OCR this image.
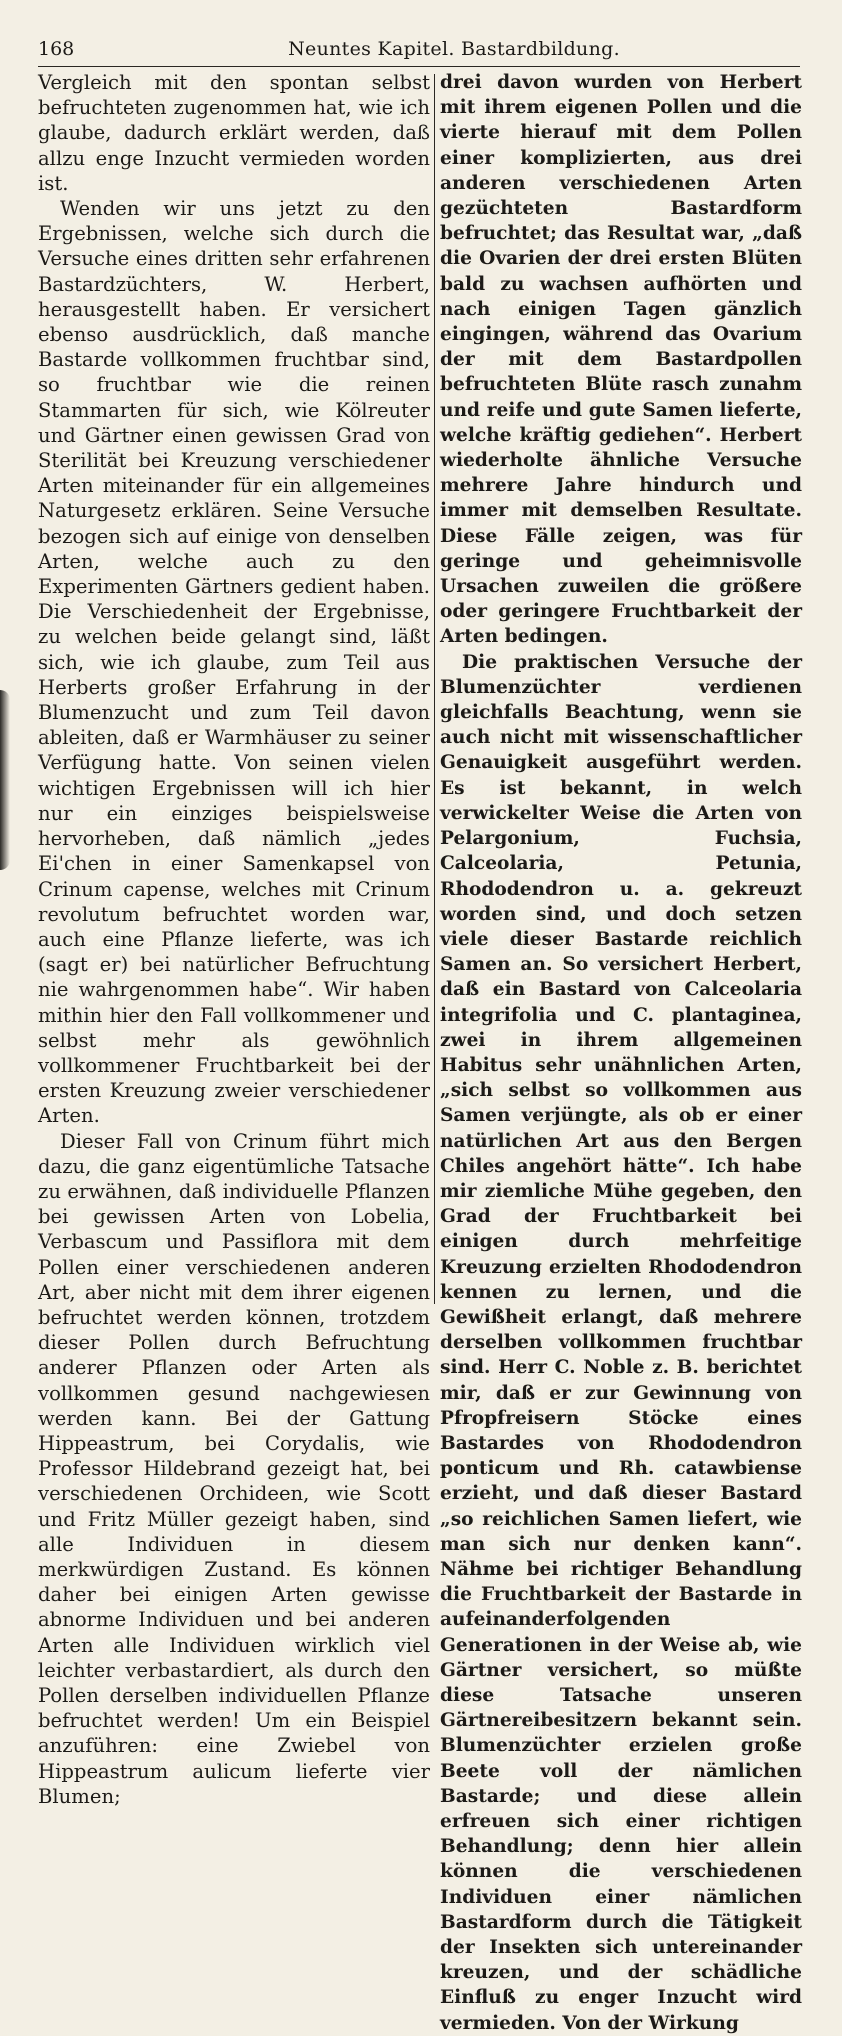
168	Neuntes Kapitel. Bastardbildung.

Vergleich mit den spontan selbst befruchteten zugenommen hat, wie ich glaube, dadurch erklärt werden, daß allzu enge Inzucht vermieden worden ist.

Wenden wir uns jetzt zu den Ergebnissen, welche sich durch die Versuche eines dritten sehr erfahrenen Bastardzüchters, W. Herbert, herausgestellt haben. Er versichert ebenso ausdrücklich, daß manche Bastarde vollkommen fruchtbar sind, so fruchtbar wie die reinen Stammarten für sich, wie Kölreuter und Gärtner einen gewissen Grad von Sterilität bei Kreuzung verschiedener Arten miteinander für ein allgemeines Naturgesetz erklären. Seine Versuche bezogen sich auf einige von denselben Arten, welche auch zu den Experimenten Gärtners gedient haben. Die Verschiedenheit der Ergebnisse, zu welchen beide gelangt sind, läßt sich, wie ich glaube, zum Teil aus Herberts großer Erfahrung in der Blumenzucht und zum Teil davon ableiten, daß er Warmhäuser zu seiner Verfügung hatte. Von seinen vielen wichtigen Ergebnissen will ich hier nur ein einziges beispielsweise hervorheben, daß nämlich „jedes Ei'chen in einer Samenkapsel von Crinum capense, welches mit Crinum revolutum befruchtet worden war, auch eine Pflanze lieferte, was ich (sagt er) bei natürlicher Befruchtung nie wahrgenommen habe“. Wir haben mithin hier den Fall vollkommener und selbst mehr als gewöhnlich vollkommener Fruchtbarkeit bei der ersten Kreuzung zweier verschiedener Arten.

Dieser Fall von Crinum führt mich dazu, die ganz eigentümliche Tatsache zu erwähnen, daß individuelle Pflanzen bei gewissen Arten von Lobelia, Verbascum und Passiflora mit dem Pollen einer verschiedenen anderen Art, aber nicht mit dem ihrer eigenen befruchtet werden können, trotzdem dieser Pollen durch Befruchtung anderer Pflanzen oder Arten als vollkommen gesund nachgewiesen werden kann. Bei der Gattung Hippeastrum, bei Corydalis, wie Professor Hildebrand gezeigt hat, bei verschiedenen Orchideen, wie Scott und Fritz Müller gezeigt haben, sind alle Individuen in diesem merkwürdigen Zustand. Es können daher bei einigen Arten gewisse abnorme Individuen und bei anderen Arten alle Individuen wirklich viel leichter verbastardiert, als durch den Pollen derselben individuellen Pflanze befruchtet werden! Um ein Beispiel anzuführen: eine Zwiebel von Hippeastrum aulicum lieferte vier Blumen;

drei davon wurden von Herbert mit ihrem eigenen Pollen und die vierte hierauf mit dem Pollen einer komplizierten, aus drei anderen verschiedenen Arten gezüchteten Bastardform befruchtet; das Resultat war, „daß die Ovarien der drei ersten Blüten bald zu wachsen aufhörten und nach einigen Tagen gänzlich eingingen, während das Ovarium der mit dem Bastardpollen befruchteten Blüte rasch zunahm und reife und gute Samen lieferte, welche kräftig gediehen“. Herbert wiederholte ähnliche Versuche mehrere Jahre hindurch und immer mit demselben Resultate. Diese Fälle zeigen, was für geringe und geheimnisvolle Ursachen zuweilen die größere oder geringere Fruchtbarkeit der Arten bedingen.

Die praktischen Versuche der Blumenzüchter verdienen gleichfalls Beachtung, wenn sie auch nicht mit wissenschaftlicher Genauigkeit ausgeführt werden. Es ist bekannt, in welch verwickelter Weise die Arten von Pelargonium, Fuchsia, Calceolaria, Petunia, Rhododendron u. a. gekreuzt worden sind, und doch setzen viele dieser Bastarde reichlich Samen an. So versichert Herbert, daß ein Bastard von Calceolaria integrifolia und C. plantaginea, zwei in ihrem allgemeinen Habitus sehr unähnlichen Arten, „sich selbst so vollkommen aus Samen verjüngte, als ob er einer natürlichen Art aus den Bergen Chiles angehört hätte“. Ich habe mir ziemliche Mühe gegeben, den Grad der Fruchtbarkeit bei einigen durch mehrfeitige Kreuzung erzielten Rhododendron kennen zu lernen, und die Gewißheit erlangt, daß mehrere derselben vollkommen fruchtbar sind. Herr C. Noble z. B. berichtet mir, daß er zur Gewinnung von Pfropfreisern Stöcke eines Bastardes von Rhododendron ponticum und Rh. catawbiense erzieht, und daß dieser Bastard „so reichlichen Samen liefert, wie man sich nur denken kann“. Nähme bei richtiger Behandlung die Fruchtbarkeit der Bastarde in aufeinanderfolgenden Generationen in der Weise ab, wie Gärtner versichert, so müßte diese Tatsache unseren Gärtnereibesitzern bekannt sein. Blumenzüchter erzielen große Beete voll der nämlichen Bastarde; und diese allein erfreuen sich einer richtigen Behandlung; denn hier allein können die verschiedenen Individuen einer nämlichen Bastardform durch die Tätigkeit der Insekten sich untereinander kreuzen, und der schädliche Einfluß zu enger Inzucht wird vermieden. Von der Wirkung
